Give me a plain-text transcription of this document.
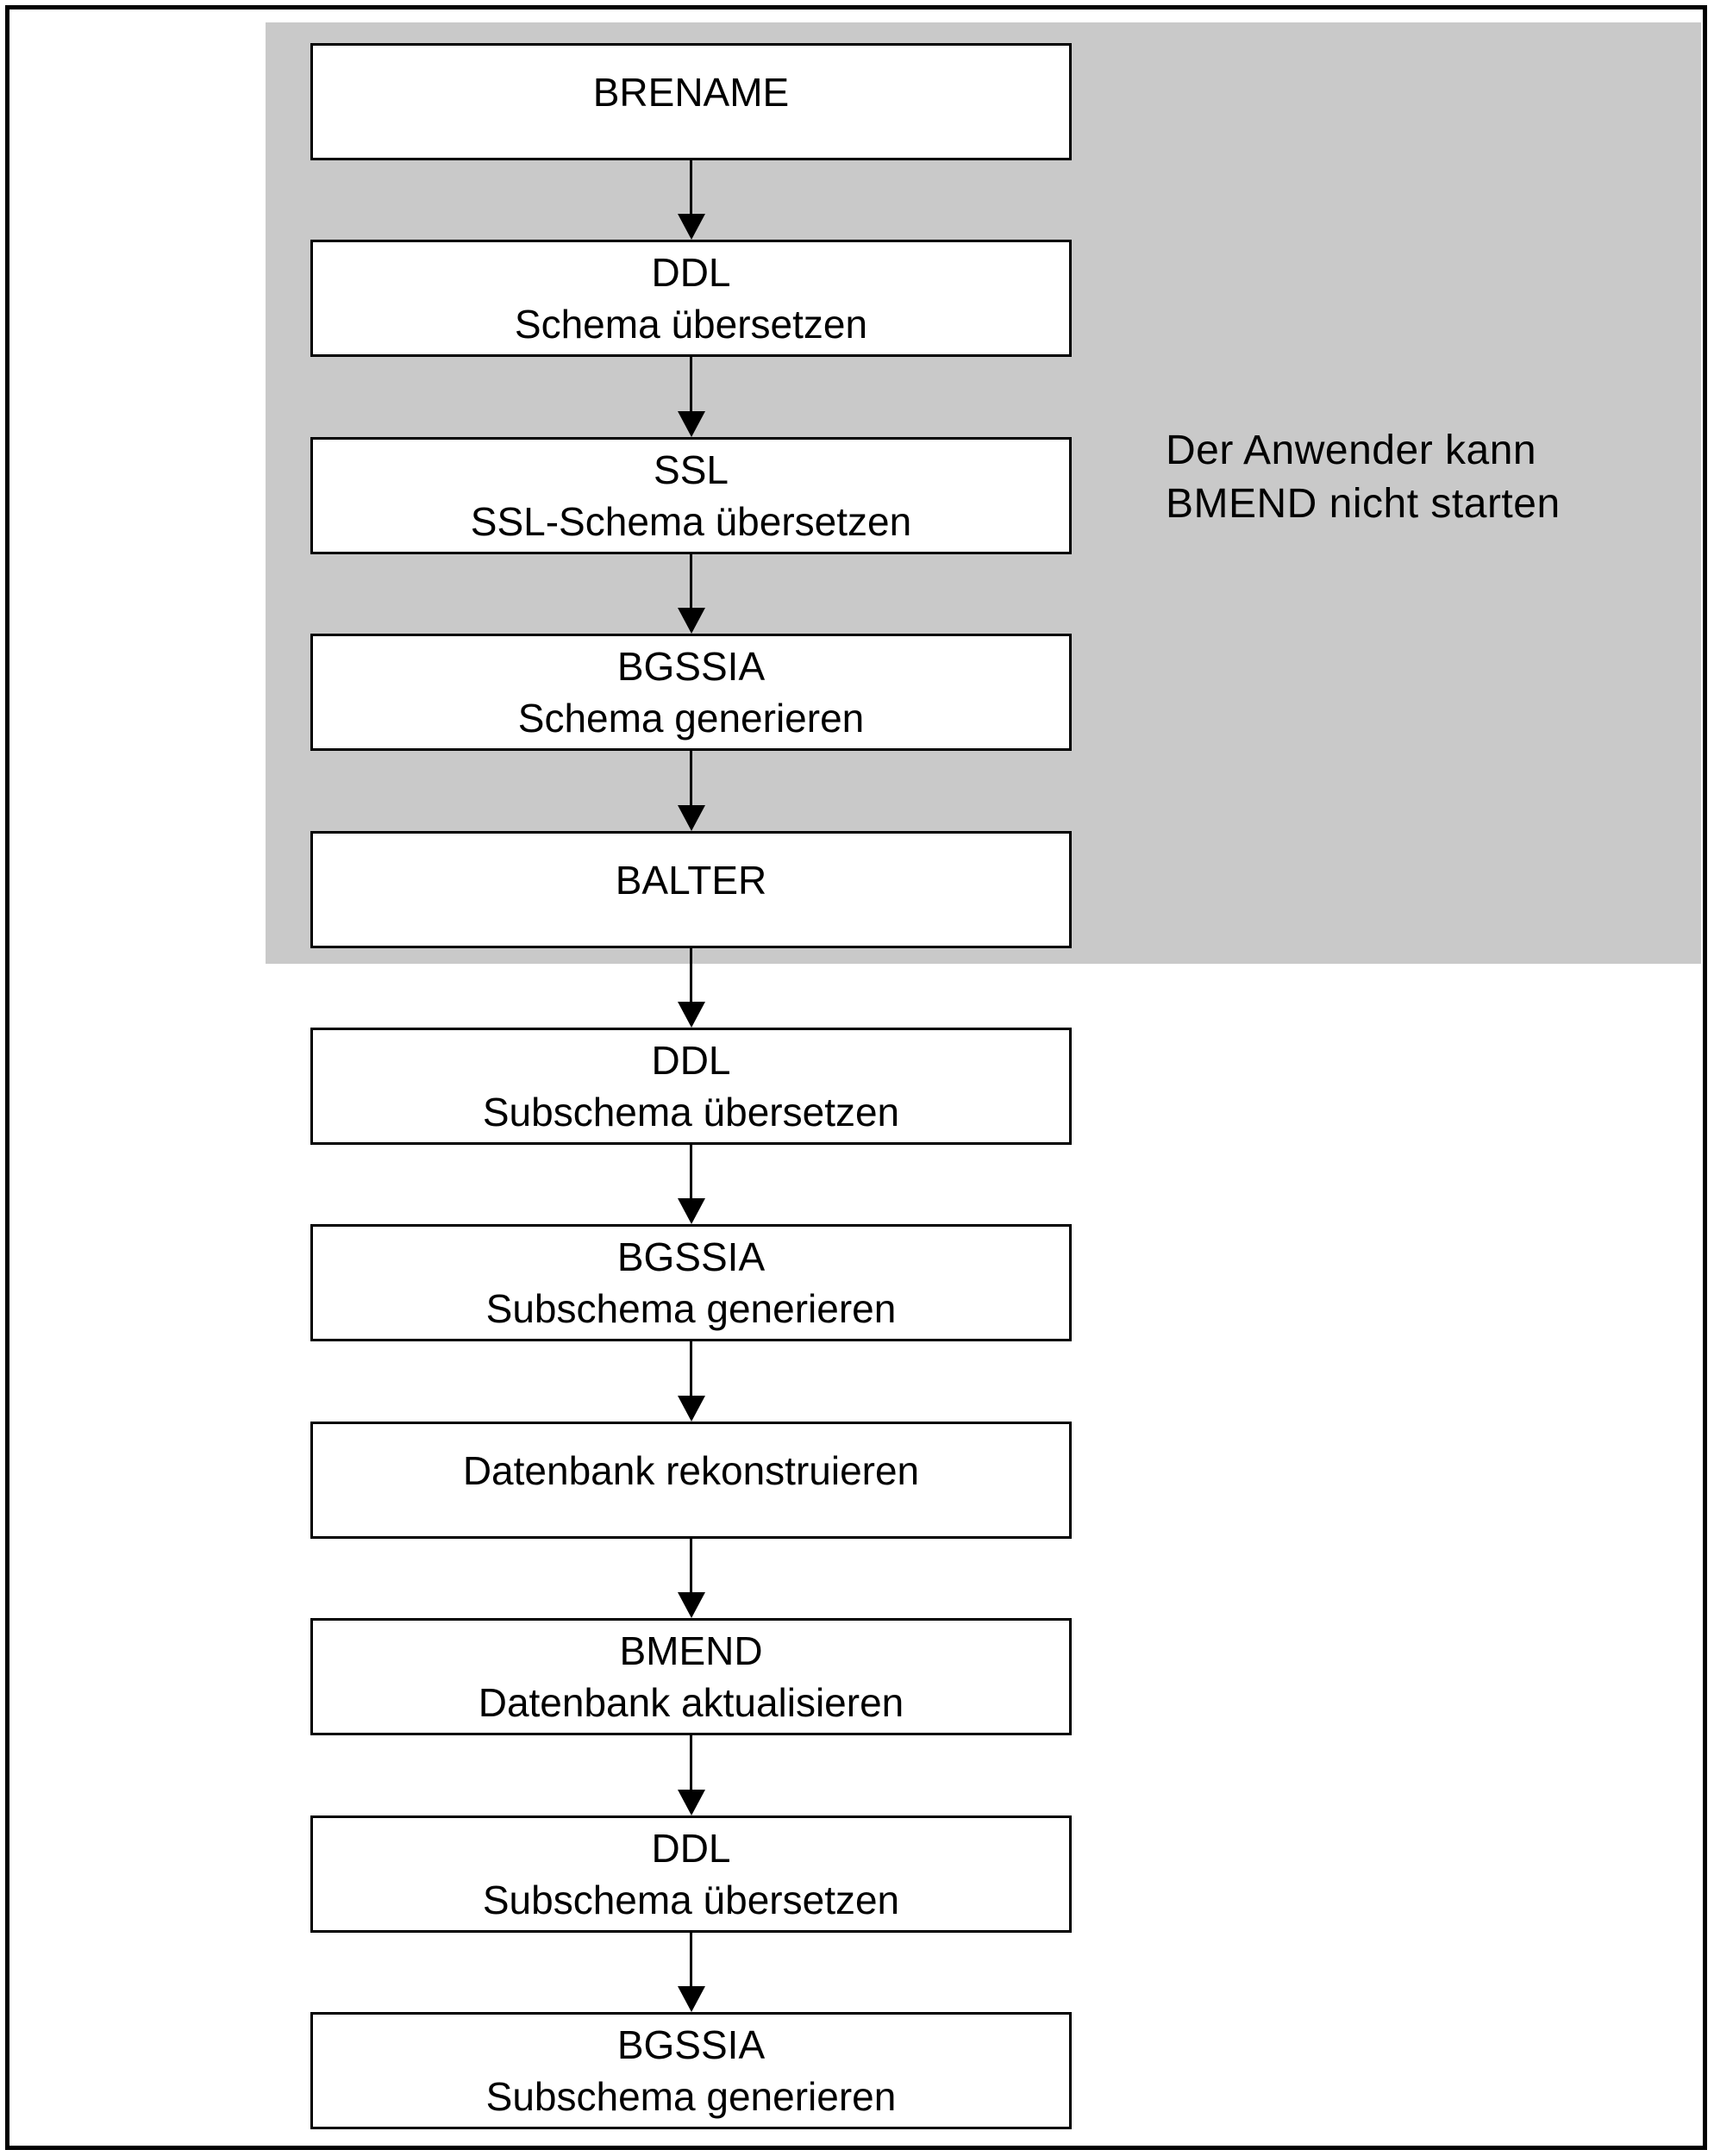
Der Anwender kann
BMEND nicht starten
BRENAME
DDL
Schema übersetzen
SSL
SSL-Schema übersetzen
BGSSIA
Schema generieren
BALTER
DDL
Subschema übersetzen
BGSSIA
Subschema generieren
Datenbank rekonstruieren
BMEND
Datenbank aktualisieren
DDL
Subschema übersetzen
BGSSIA
Subschema generieren
